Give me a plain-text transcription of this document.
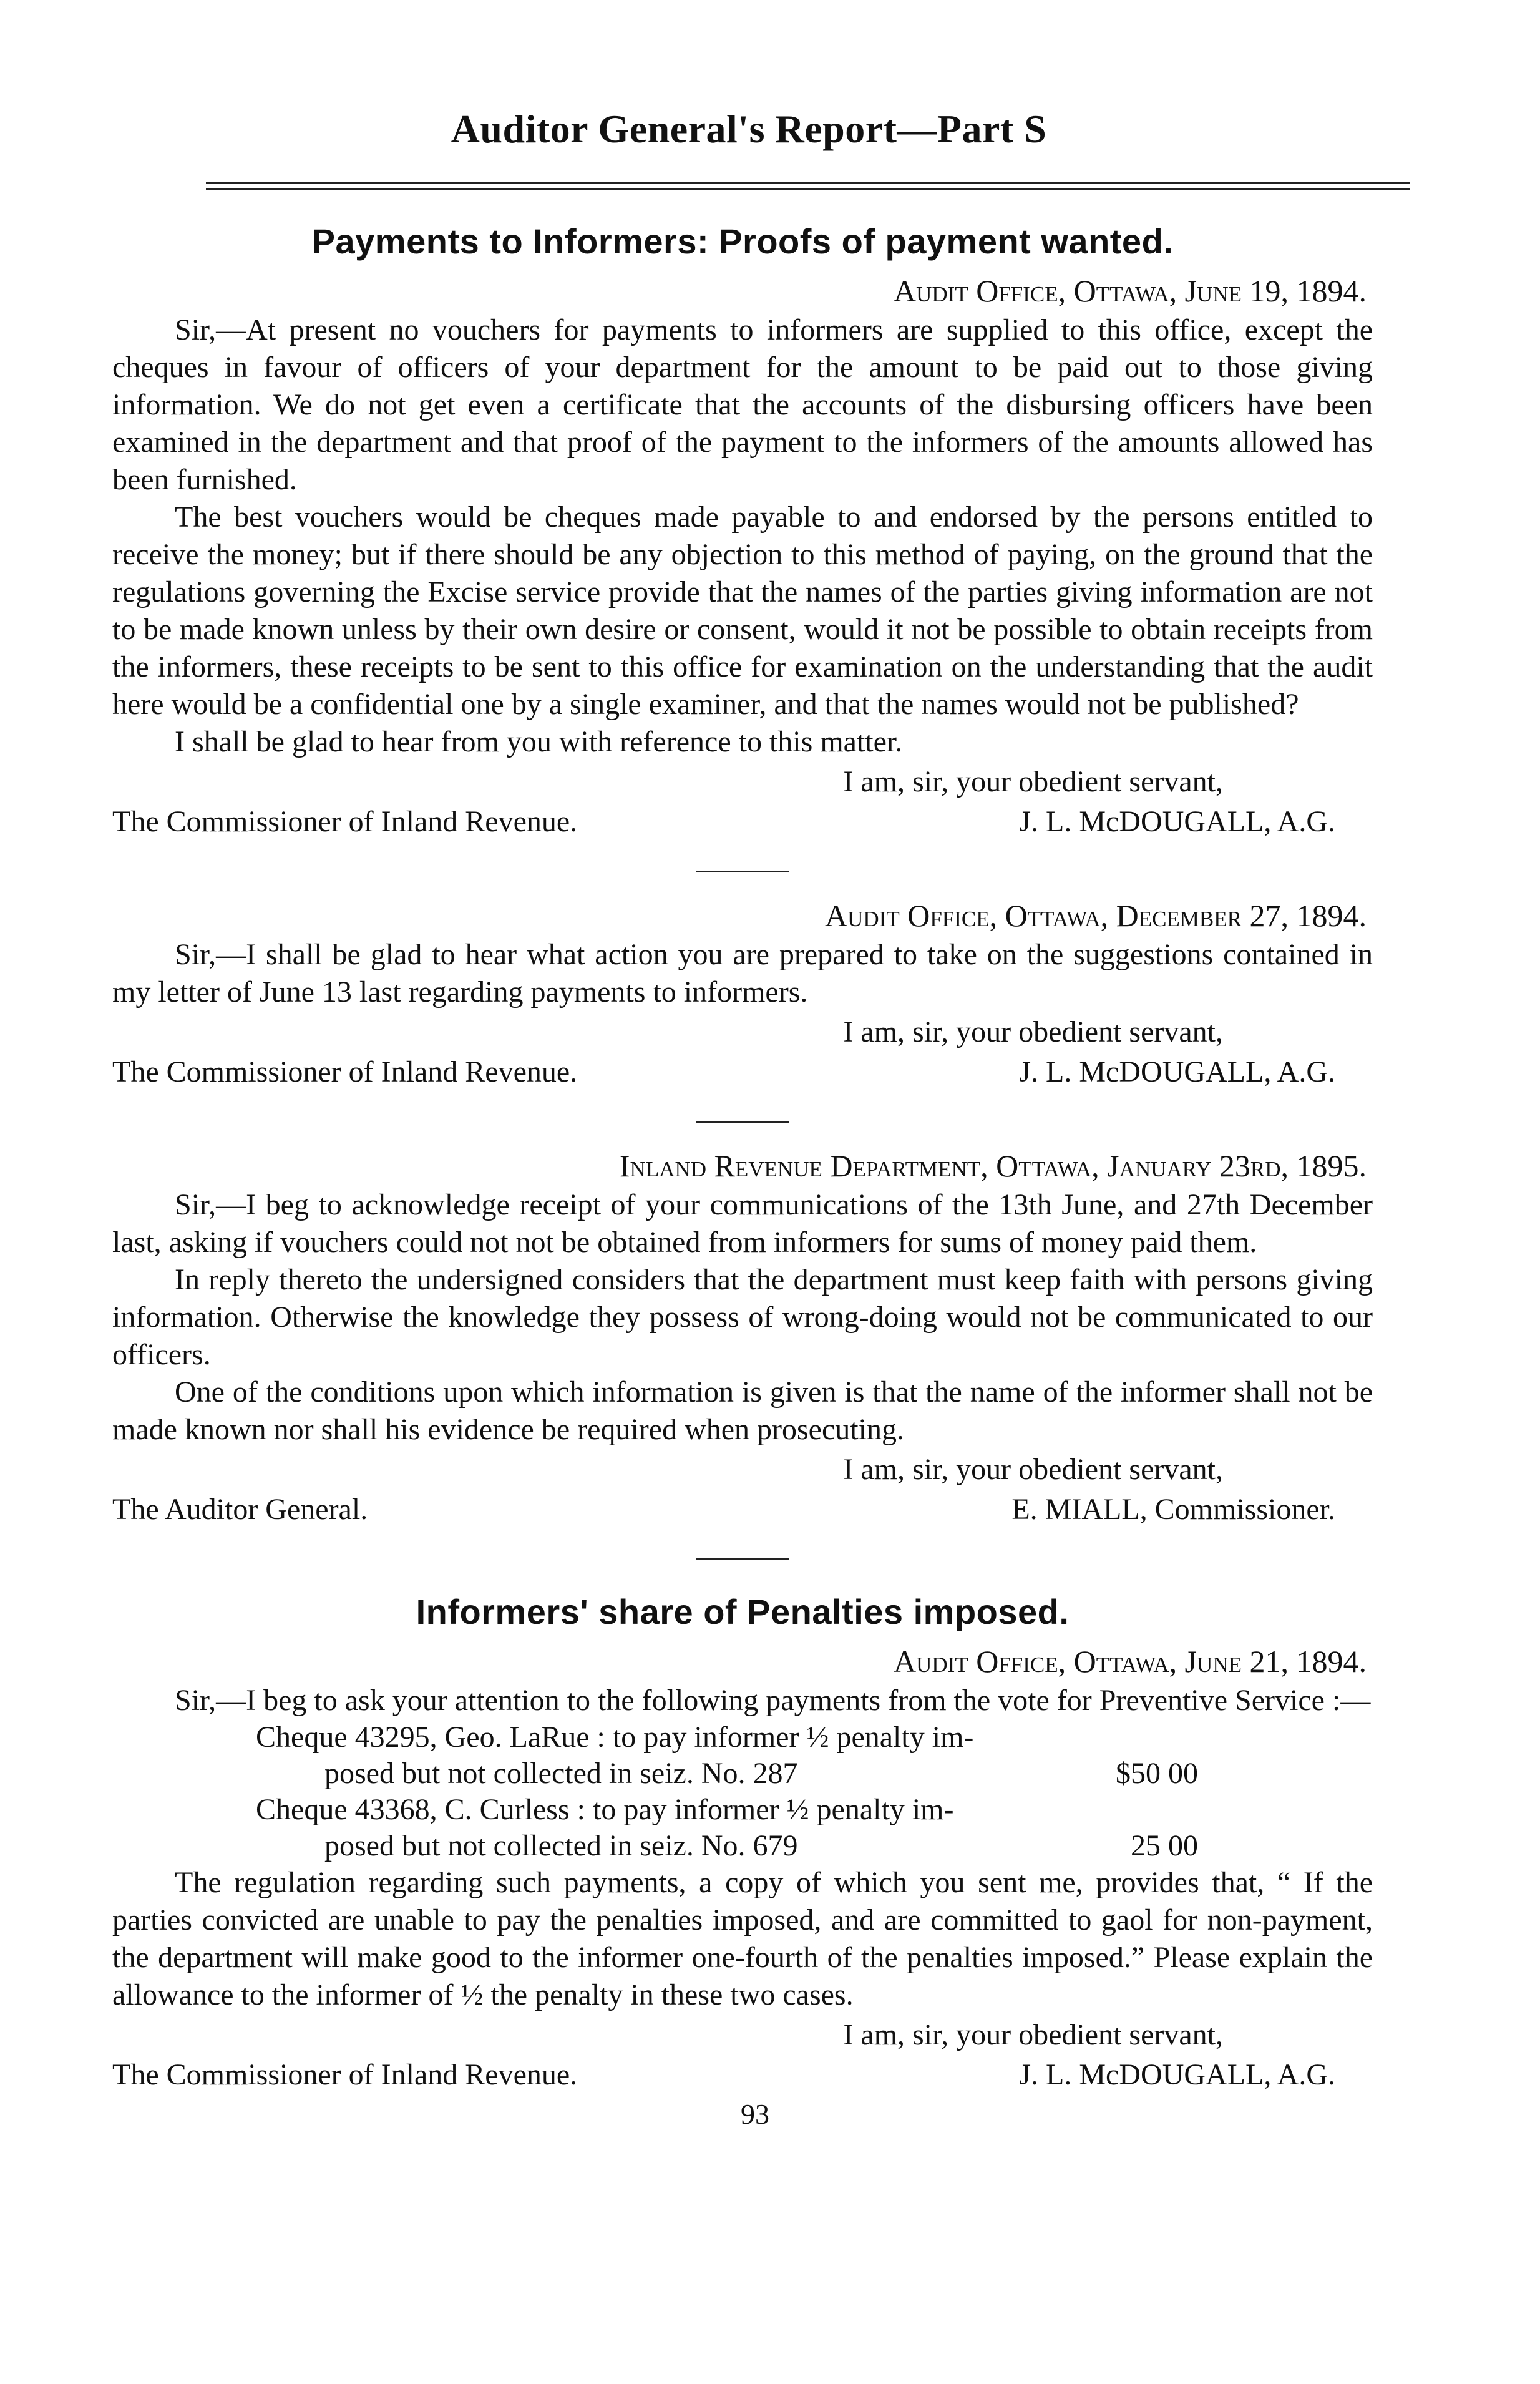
Auditor General's Report—Part S
Payments to Informers: Proofs of payment wanted.
Audit Office, Ottawa, June 19, 1894.

Sir,—At present no vouchers for payments to informers are supplied to this office, except the cheques in favour of officers of your department for the amount to be paid out to those giving information. We do not get even a certificate that the accounts of the disbursing officers have been examined in the department and that proof of the payment to the informers of the amounts allowed has been furnished.

The best vouchers would be cheques made payable to and endorsed by the persons entitled to receive the money; but if there should be any objection to this method of paying, on the ground that the regulations governing the Excise service provide that the names of the parties giving information are not to be made known unless by their own desire or consent, would it not be possible to obtain receipts from the informers, these receipts to be sent to this office for examination on the understanding that the audit here would be a confidential one by a single examiner, and that the names would not be published?

I shall be glad to hear from you with reference to this matter.

I am, sir, your obedient servant,
The Commissioner of Inland Revenue.	J. L. McDOUGALL, A.G.
Audit Office, Ottawa, December 27, 1894.

Sir,—I shall be glad to hear what action you are prepared to take on the suggestions contained in my letter of June 13 last regarding payments to informers.

I am, sir, your obedient servant,
The Commissioner of Inland Revenue.	J. L. McDOUGALL, A.G.
Inland Revenue Department, Ottawa, January 23rd, 1895.

Sir,—I beg to acknowledge receipt of your communications of the 13th June, and 27th December last, asking if vouchers could not not be obtained from informers for sums of money paid them.

In reply thereto the undersigned considers that the department must keep faith with persons giving information. Otherwise the knowledge they possess of wrong-doing would not be communicated to our officers.

One of the conditions upon which information is given is that the name of the informer shall not be made known nor shall his evidence be required when prosecuting.

I am, sir, your obedient servant,
The Auditor General.	E. MIALL, Commissioner.
Informers' share of Penalties imposed.
Audit Office, Ottawa, June 21, 1894.

Sir,—I beg to ask your attention to the following payments from the vote for Preventive Service :—

Cheque 43295, Geo. LaRue : to pay informer ½ penalty im-
posed but not collected in seiz. No. 287	$50 00
Cheque 43368, C. Curless : to pay informer ½ penalty im-
posed but not collected in seiz. No. 679	25 00

The regulation regarding such payments, a copy of which you sent me, provides that, “ If the parties convicted are unable to pay the penalties imposed, and are committed to gaol for non-payment, the department will make good to the informer one-fourth of the penalties imposed.” Please explain the allowance to the informer of ½ the penalty in these two cases.

I am, sir, your obedient servant,
The Commissioner of Inland Revenue.	J. L. McDOUGALL, A.G.
93
